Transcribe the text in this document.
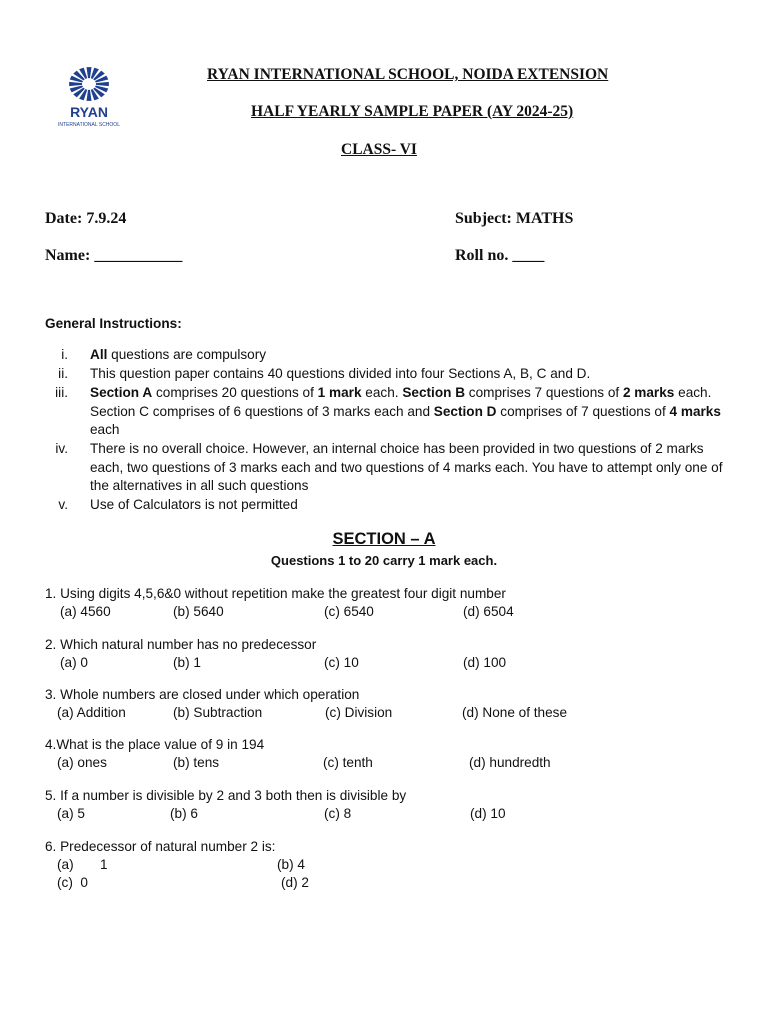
RYAN
INTERNATIONAL SCHOOL
RYAN INTERNATIONAL SCHOOL, NOIDA EXTENSION
HALF YEARLY SAMPLE PAPER (AY 2024-25)
CLASS- VI
Date: 7.9.24	Subject: MATHS
Name: ___________	Roll no. ____
General Instructions:
i. All questions are compulsory
ii. This question paper contains 40 questions divided into four Sections A, B, C and D.
iii. Section A comprises 20 questions of 1 mark each. Section B comprises 7 questions of 2 marks each. Section C comprises of 6 questions of 3 marks each and Section D comprises of 7 questions of 4 marks each
iv. There is no overall choice. However, an internal choice has been provided in two questions of 2 marks each, two questions of 3 marks each and two questions of 4 marks each. You have to attempt only one of the alternatives in all such questions
v. Use of Calculators is not permitted
SECTION – A
Questions 1 to 20 carry 1 mark each.
1. Using digits 4,5,6&0 without repetition make the greatest four digit number
(a) 4560	(b) 5640	(c) 6540	(d) 6504
2. Which natural number has no predecessor
(a) 0	(b) 1	(c) 10	(d) 100
3. Whole numbers are closed under which operation
(a) Addition	(b) Subtraction	(c) Division	(d) None of these
4.What is the place value of 9 in 194
(a) ones	(b) tens	(c) tenth	(d) hundredth
5. If a number is divisible by 2 and 3 both then is divisible by
(a) 5	(b) 6	(c) 8	(d) 10
6. Predecessor of natural number 2 is:
(a)       1	(b) 4
(c)  0	(d) 2
